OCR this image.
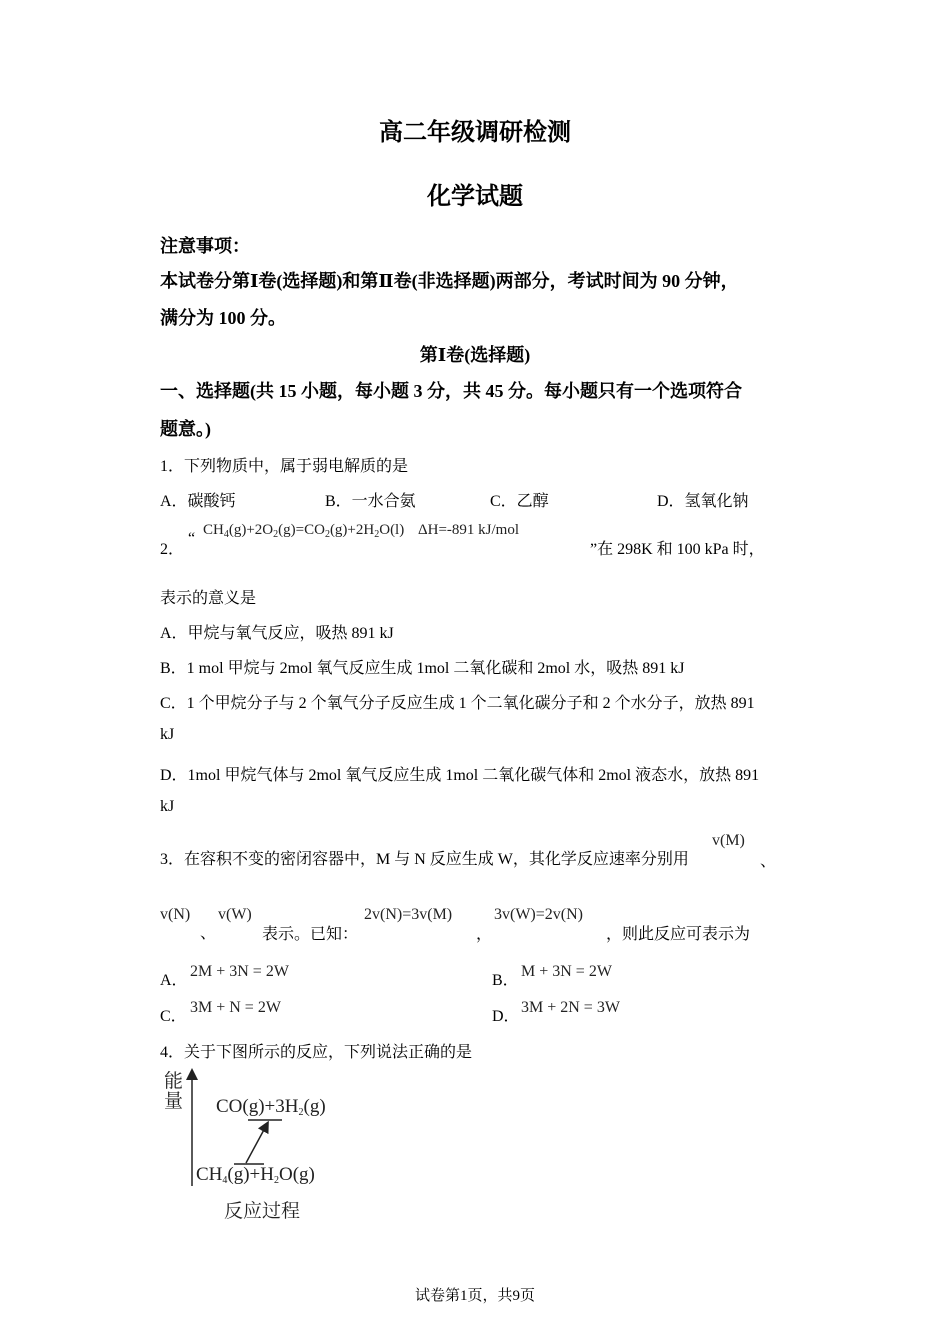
高二年级调研检测
化学试题
注意事项：
本试卷分第Ⅰ卷(选择题)和第Ⅱ卷(非选择题)两部分，考试时间为 90 分钟，
满分为 100 分。
第Ⅰ卷(选择题)
一、选择题(共 15 小题，每小题 3 分，共 45 分。每小题只有一个选项符合
题意。)
1．下列物质中，属于弱电解质的是
A．碳酸钙	B．一水合氨	C．乙醇	D．氢氧化钠
2．
“ $CH_4(g)+2O_2(g)=CO_2(g)+2H_2O(l)$ ΔH=-891 kJ/mol
”在 298K 和 100 kPa 时，
表示的意义是
A．甲烷与氧气反应，吸热 891 kJ
B．1 mol 甲烷与 2mol 氧气反应生成 1mol 二氧化碳和 2mol 水，吸热 891 kJ
C．1 个甲烷分子与 2 个氧气分子反应生成 1 个二氧化碳分子和 2 个水分子，放热 891
kJ
D．1mol 甲烷气体与 2mol 氧气反应生成 1mol 二氧化碳气体和 2mol 液态水，放热 891
kJ
3．在容积不变的密闭容器中，M 与 N 反应生成 W，其化学反应速率分别用
v(M)
、
v(N)
、
v(W)
表示。已知：
2v(N)=3v(M)
，
3v(W)=2v(N)
，则此反应可表示为
A．
2M + 3N = 2W
B．
M + 3N = 2W
C．
3M + N = 2W
D．
3M + 2N = 3W
4．关于下图所示的反应，下列说法正确的是
能量 $CO(g)+3H_2(g)$
$CH_4(g)+H_2O(g)$
反应过程
试卷第1页，共9页
